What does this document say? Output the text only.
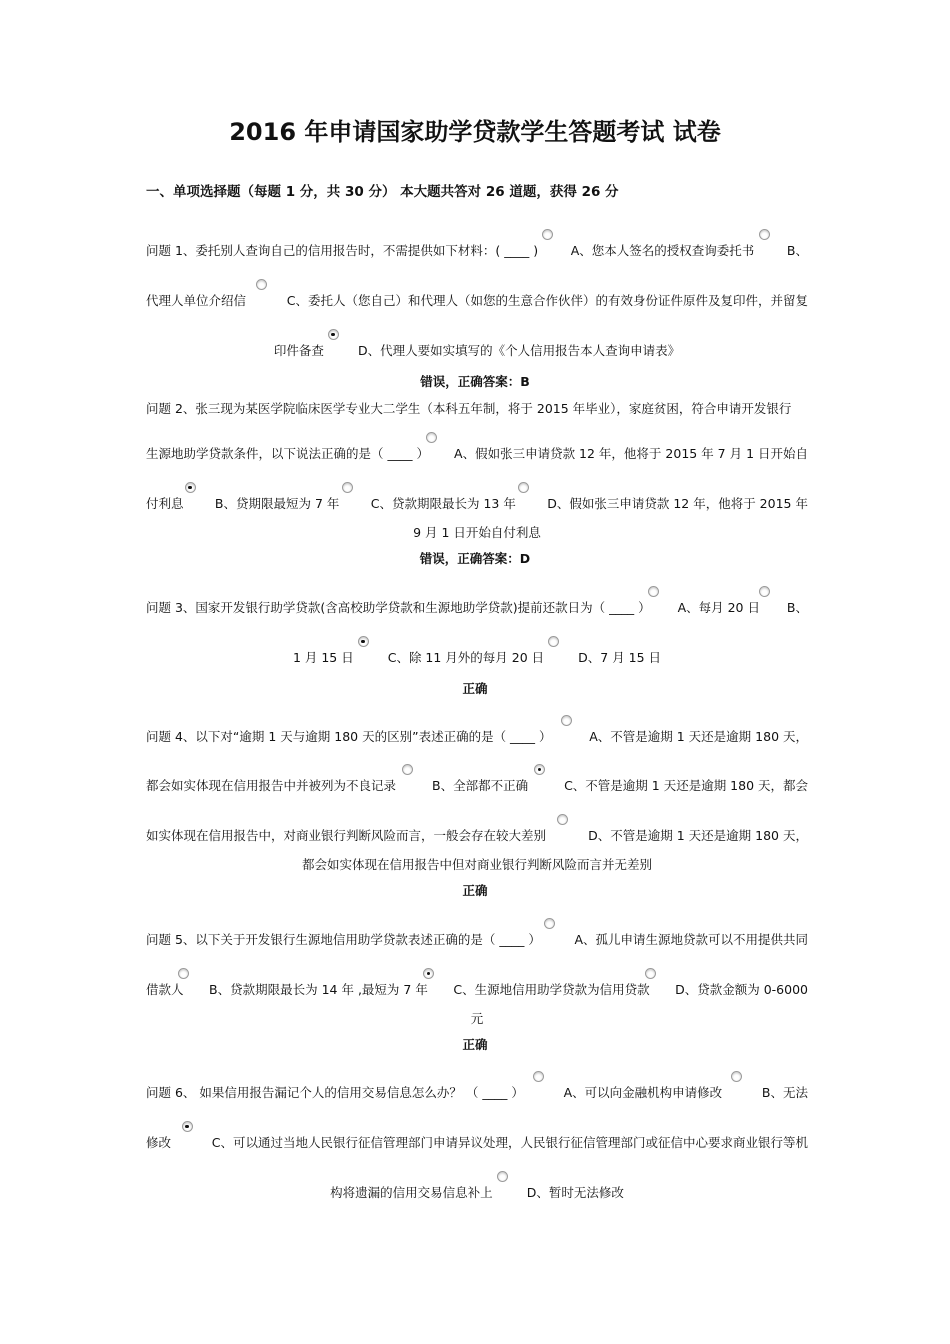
2016 年申请国家助学贷款学生答题考试 试卷
一、单项选择题（每题 1 分，共 30 分） 本大题共答对 26 道题，获得 26 分
问题 1、委托别人查询自己的信用报告时，不需提供如下材料：( ____ )	A、您本人签名的授权查询委托书	B、
代理人单位介绍信	C、委托人（您自己）和代理人（如您的生意合作伙伴）的有效身份证件原件及复印件，并留复
印件备查	D、代理人要如实填写的《个人信用报告本人查询申请表》
错误，正确答案：B
问题 2、张三现为某医学院临床医学专业大二学生（本科五年制，将于 2015 年毕业），家庭贫困，符合申请开发银行
生源地助学贷款条件，以下说法正确的是（ ____ ） A、假如张三申请贷款 12 年，他将于 2015 年 7 月 1 日开始自
付利息	B、贷期限最短为 7 年	C、贷款期限最长为 13 年	D、假如张三申请贷款 12 年，他将于 2015 年
9 月 1 日开始自付利息
错误，正确答案：D
问题 3、国家开发银行助学贷款(含高校助学贷款和生源地助学贷款)提前还款日为（ ____ ） A、每月 20 日 B、
1 月 15 日	C、除 11 月外的每月 20 日	D、7 月 15 日
正确
问题 4、以下对“逾期 1 天与逾期 180 天的区别”表述正确的是（ ____ ）	A、不管是逾期 1 天还是逾期 180 天，
都会如实体现在信用报告中并被列为不良记录	B、全部都不正确	C、不管是逾期 1 天还是逾期 180 天，都会
如实体现在信用报告中，对商业银行判断风险而言，一般会存在较大差别	D、不管是逾期 1 天还是逾期 180 天，
都会如实体现在信用报告中但对商业银行判断风险而言并无差别
正确
问题 5、以下关于开发银行生源地信用助学贷款表述正确的是（ ____ ）	A、孤儿申请生源地贷款可以不用提供共同
借款人 B、贷款期限最长为 14 年 ,最短为 7 年 C、生源地信用助学贷款为信用贷款 D、贷款金额为 0-6000
元
正确
问题 6、 如果信用报告漏记个人的信用交易信息怎么办？ （ ____ ）	A、可以向金融机构申请修改	B、无法
修改	C、可以通过当地人民银行征信管理部门申请异议处理，人民银行征信管理部门或征信中心要求商业银行等机
构将遗漏的信用交易信息补上	D、暂时无法修改
